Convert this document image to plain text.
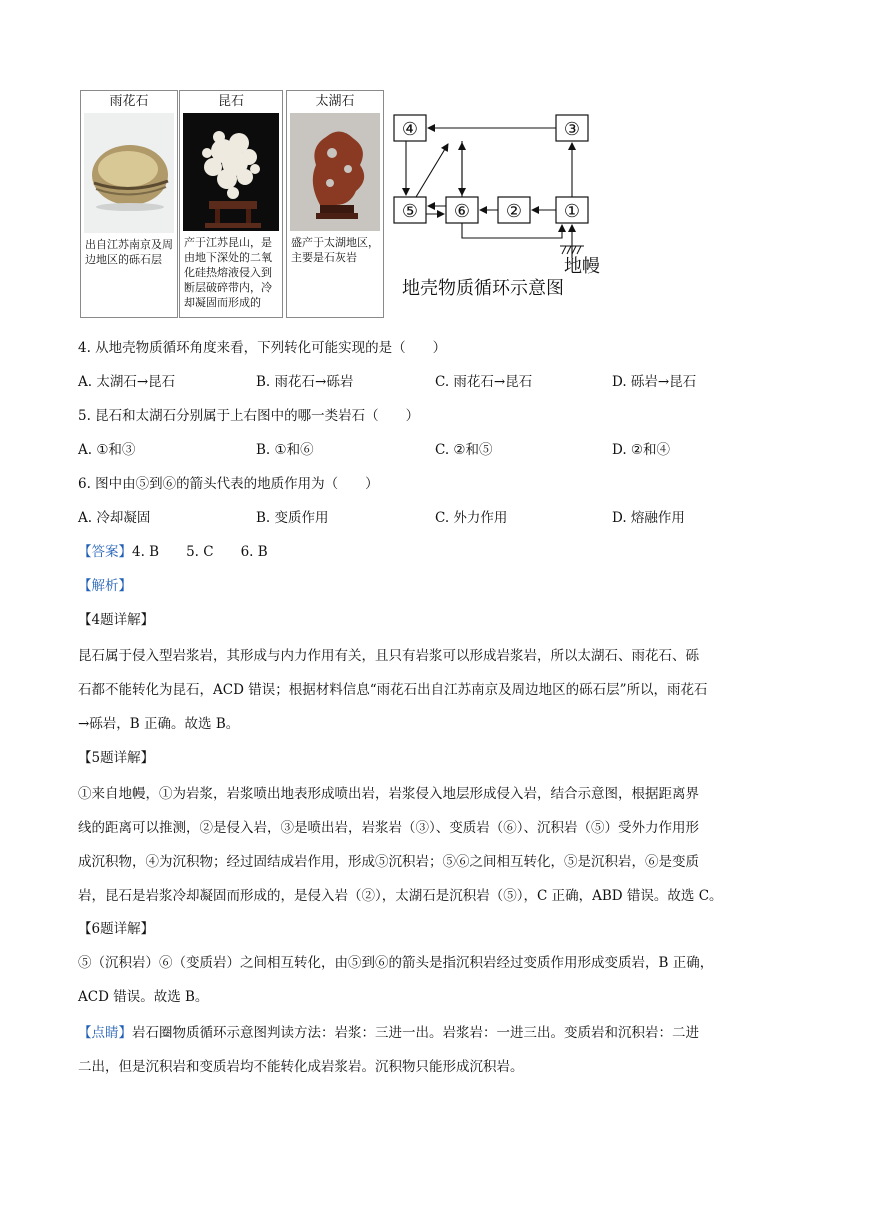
雨花石
出自江苏南京及周边地区的砾石层
昆石
产于江苏昆山，是由地下深处的二氧化硅热熔液侵入到断层破碎带内，冷却凝固而形成的
太湖石
盛产于太湖地区，主要是石灰岩
④	③
⑤ ⑥ ② ①
地幔
地壳物质循环示意图
4. 从地壳物质循环角度来看，下列转化可能实现的是（　　）
A. 太湖石→昆石	B. 雨花石→砾岩	C. 雨花石→昆石	D. 砾岩→昆石
5. 昆石和太湖石分别属于上右图中的哪一类岩石（　　）
A. ①和③	B. ①和⑥	C. ②和⑤	D. ②和④
6. 图中由⑤到⑥的箭头代表的地质作用为（　　）
A. 冷却凝固	B. 变质作用	C. 外力作用	D. 熔融作用
【答案】4. B　　5. C　　6. B
【解析】
【4题详解】
昆石属于侵入型岩浆岩，其形成与内力作用有关，且只有岩浆可以形成岩浆岩，所以太湖石、雨花石、砾
石都不能转化为昆石，ACD 错误；根据材料信息“雨花石出自江苏南京及周边地区的砾石层”所以，雨花石
→砾岩，B 正确。故选 B。
【5题详解】
①来自地幔，①为岩浆，岩浆喷出地表形成喷出岩，岩浆侵入地层形成侵入岩，结合示意图，根据距离界
线的距离可以推测，②是侵入岩，③是喷出岩，岩浆岩（③）、变质岩（⑥）、沉积岩（⑤）受外力作用形
成沉积物，④为沉积物；经过固结成岩作用，形成⑤沉积岩；⑤⑥之间相互转化，⑤是沉积岩，⑥是变质
岩，昆石是岩浆冷却凝固而形成的，是侵入岩（②），太湖石是沉积岩（⑤），C 正确，ABD 错误。故选 C。
【6题详解】
⑤（沉积岩）⑥（变质岩）之间相互转化，由⑤到⑥的箭头是指沉积岩经过变质作用形成变质岩，B 正确，
ACD 错误。故选 B。
【点睛】岩石圈物质循环示意图判读方法：岩浆：三进一出。岩浆岩：一进三出。变质岩和沉积岩：二进
二出，但是沉积岩和变质岩均不能转化成岩浆岩。沉积物只能形成沉积岩。
